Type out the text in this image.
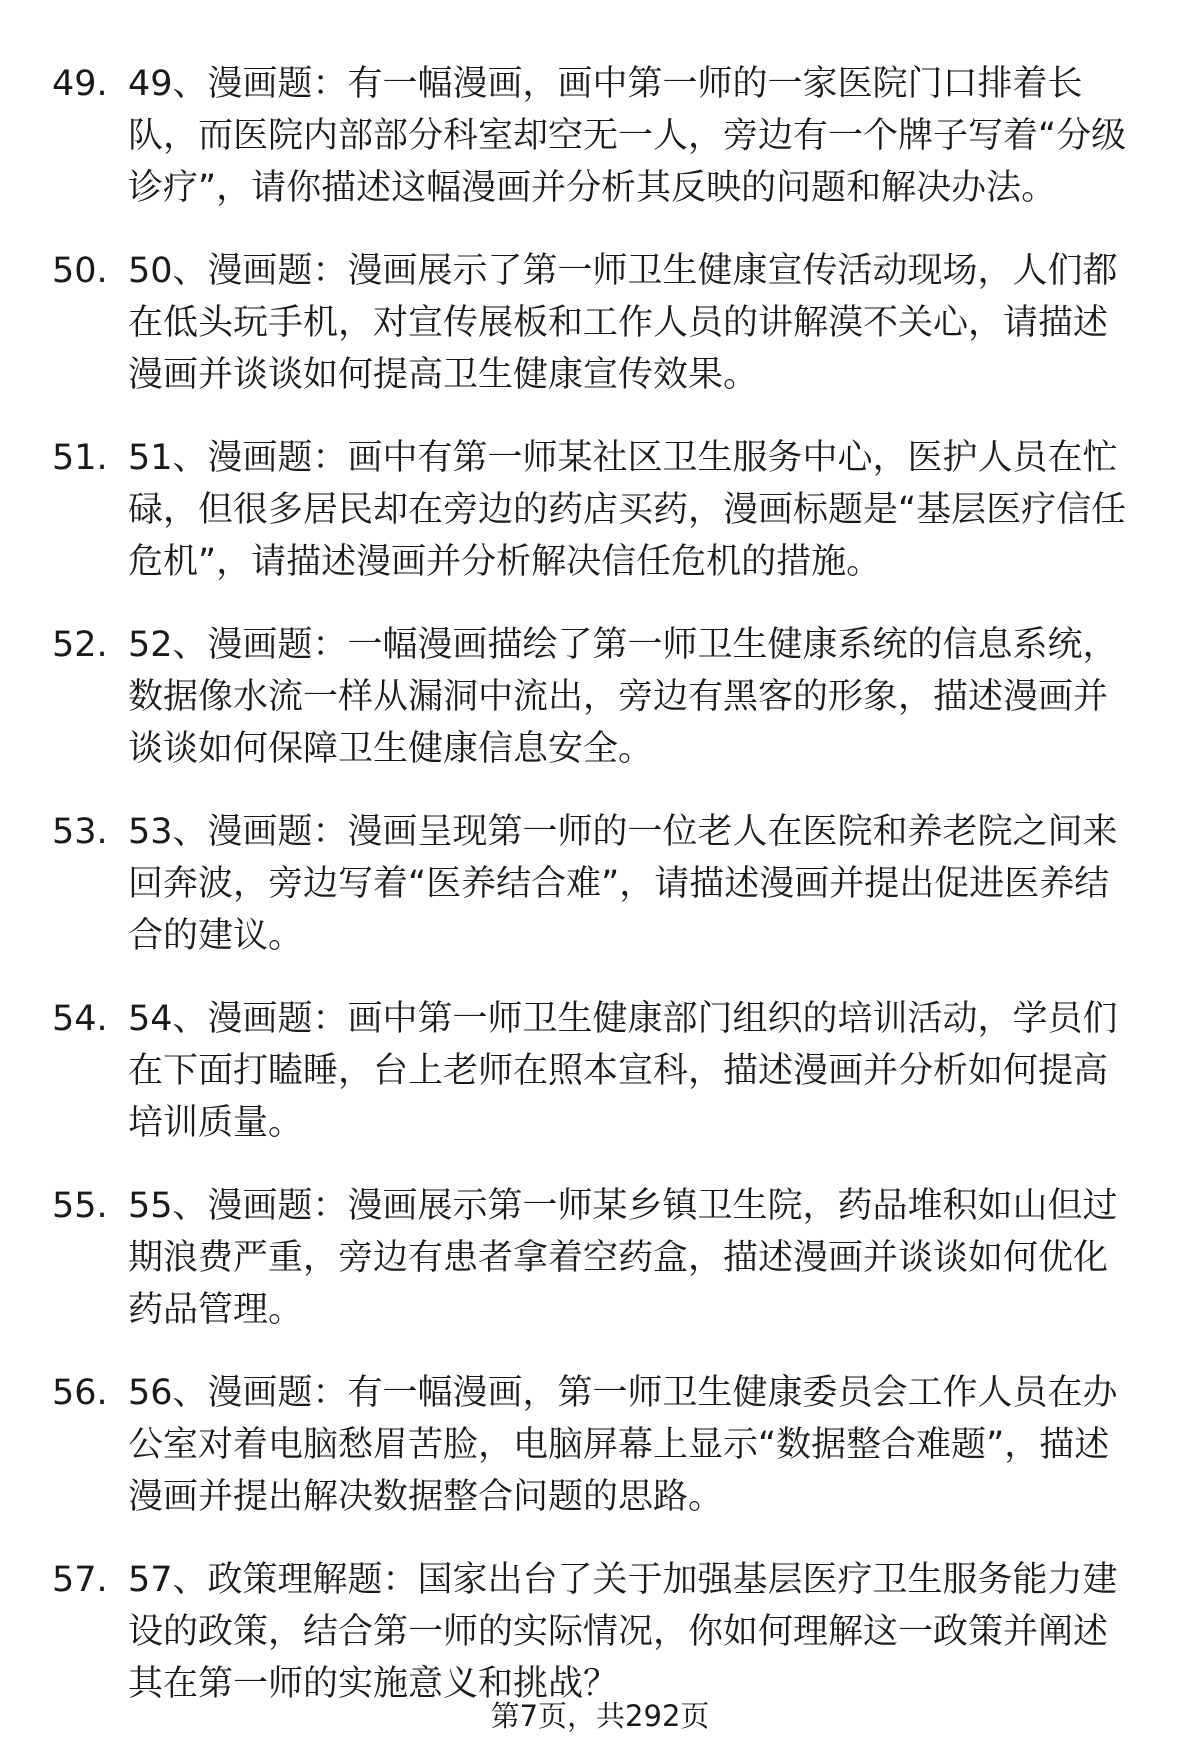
49. 49、漫画题：有一幅漫画，画中第一师的一家医院门口排着长队，而医院内部部分科室却空无一人，旁边有一个牌子写着“分级诊疗”，请你描述这幅漫画并分析其反映的问题和解决办法。
50. 50、漫画题：漫画展示了第一师卫生健康宣传活动现场，人们都在低头玩手机，对宣传展板和工作人员的讲解漠不关心，请描述漫画并谈谈如何提高卫生健康宣传效果。
51. 51、漫画题：画中有第一师某社区卫生服务中心，医护人员在忙碌，但很多居民却在旁边的药店买药，漫画标题是“基层医疗信任危机”，请描述漫画并分析解决信任危机的措施。
52. 52、漫画题：一幅漫画描绘了第一师卫生健康系统的信息系统，数据像水流一样从漏洞中流出，旁边有黑客的形象，描述漫画并谈谈如何保障卫生健康信息安全。
53. 53、漫画题：漫画呈现第一师的一位老人在医院和养老院之间来回奔波，旁边写着“医养结合难”，请描述漫画并提出促进医养结合的建议。
54. 54、漫画题：画中第一师卫生健康部门组织的培训活动，学员们在下面打瞌睡，台上老师在照本宣科，描述漫画并分析如何提高培训质量。
55. 55、漫画题：漫画展示第一师某乡镇卫生院，药品堆积如山但过期浪费严重，旁边有患者拿着空药盒，描述漫画并谈谈如何优化药品管理。
56. 56、漫画题：有一幅漫画，第一师卫生健康委员会工作人员在办公室对着电脑愁眉苦脸，电脑屏幕上显示“数据整合难题”，描述漫画并提出解决数据整合问题的思路。
57. 57、政策理解题：国家出台了关于加强基层医疗卫生服务能力建设的政策，结合第一师的实际情况，你如何理解这一政策并阐述其在第一师的实施意义和挑战？
第7页，共292页
